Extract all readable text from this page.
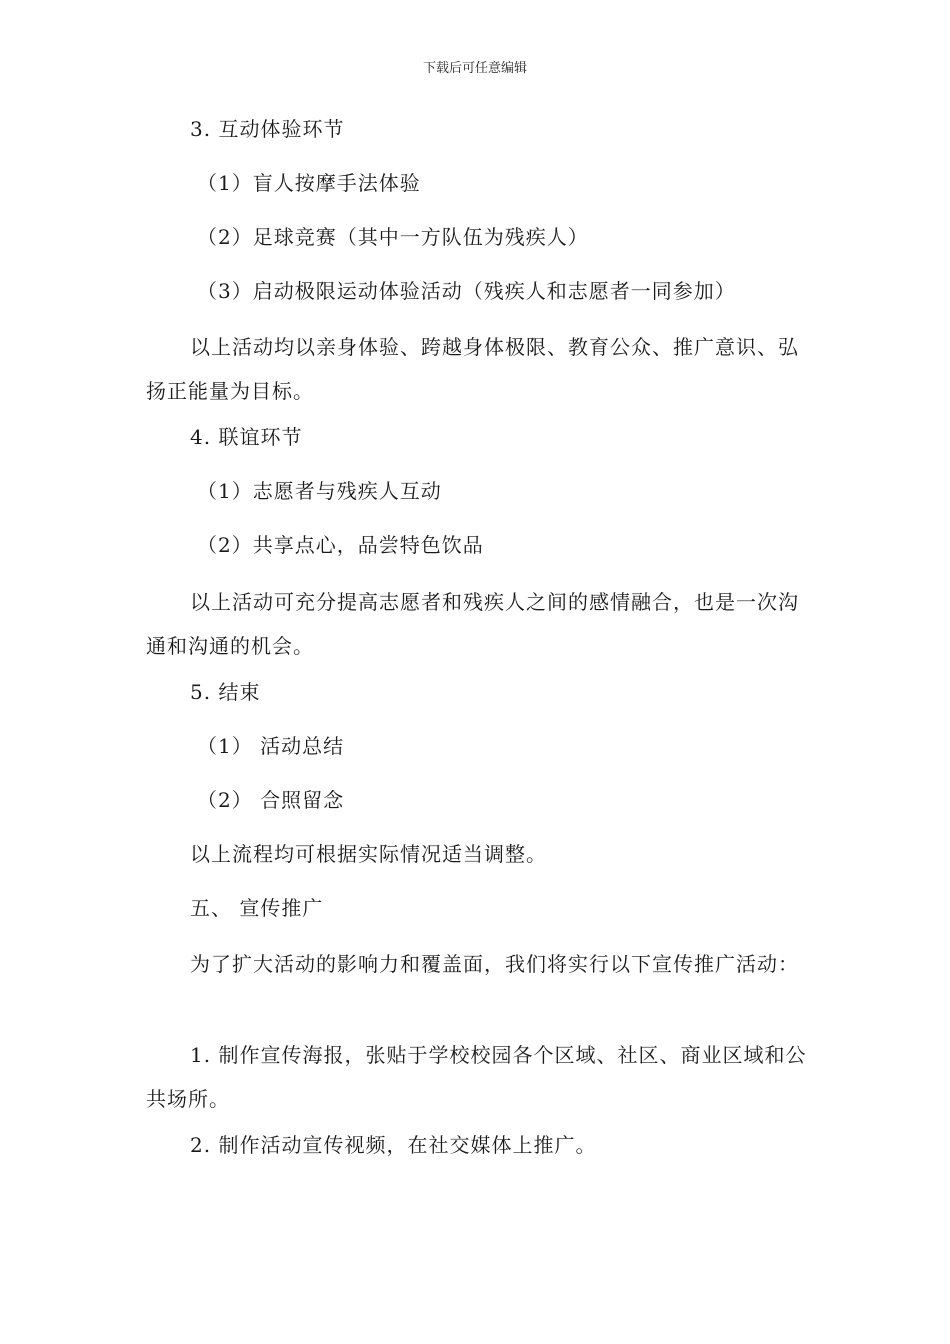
下载后可任意编辑
3. 互动体验环节
（1）盲人按摩手法体验
（2）足球竞赛（其中一方队伍为残疾人）
（3）启动极限运动体验活动（残疾人和志愿者一同参加）
以上活动均以亲身体验、跨越身体极限、教育公众、推广意识、弘扬正能量为目标。
4. 联谊环节
（1）志愿者与残疾人互动
（2）共享点心，品尝特色饮品
以上活动可充分提高志愿者和残疾人之间的感情融合，也是一次沟通和沟通的机会。
5. 结束
（1） 活动总结
（2） 合照留念
以上流程均可根据实际情况适当调整。
五、 宣传推广
为了扩大活动的影响力和覆盖面，我们将实行以下宣传推广活动：
1. 制作宣传海报，张贴于学校校园各个区域、社区、商业区域和公共场所。
2. 制作活动宣传视频，在社交媒体上推广。
